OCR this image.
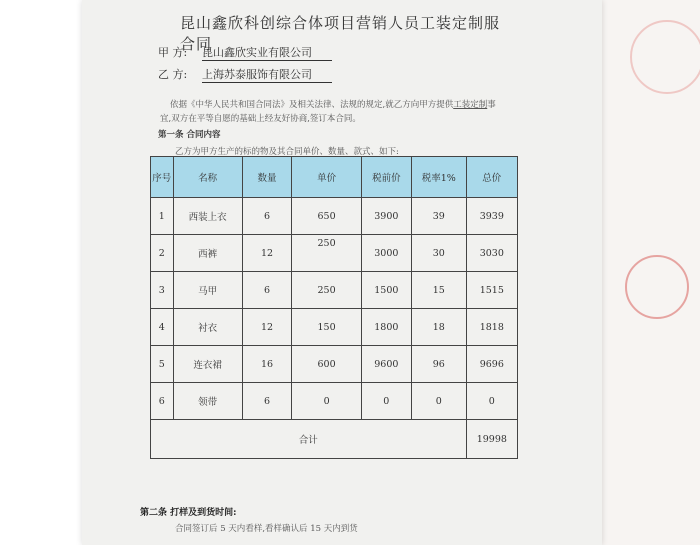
昆山鑫欣科创综合体项目营销人员工装定制服合同
甲 方: 昆山鑫欣实业有限公司
乙 方: 上海苏泰服饰有限公司

依据《中华人民共和国合同法》及相关法律、法规的规定,就乙方向甲方提供工装定制事

宜,双方在平等自愿的基础上经友好协商,签订本合同。
第一条 合同内容
乙方为甲方生产的标的物及其合同单价、数量、款式、如下:
序号	名称	数量	单价	税前价	税率1%	总价
1	西装上衣	6	650	3900	39	3939
2	西裤	12	250	3000	30	3030
3	马甲	6	250	1500	15	1515
4	衬衣	12	150	1800	18	1818
5	连衣裙	16	600	9600	96	9696
6	领带	6	0	0	0	0
合计						19998
第二条 打样及到货时间:
合同签订后 5 天内看样,看样确认后 15 天内到货
